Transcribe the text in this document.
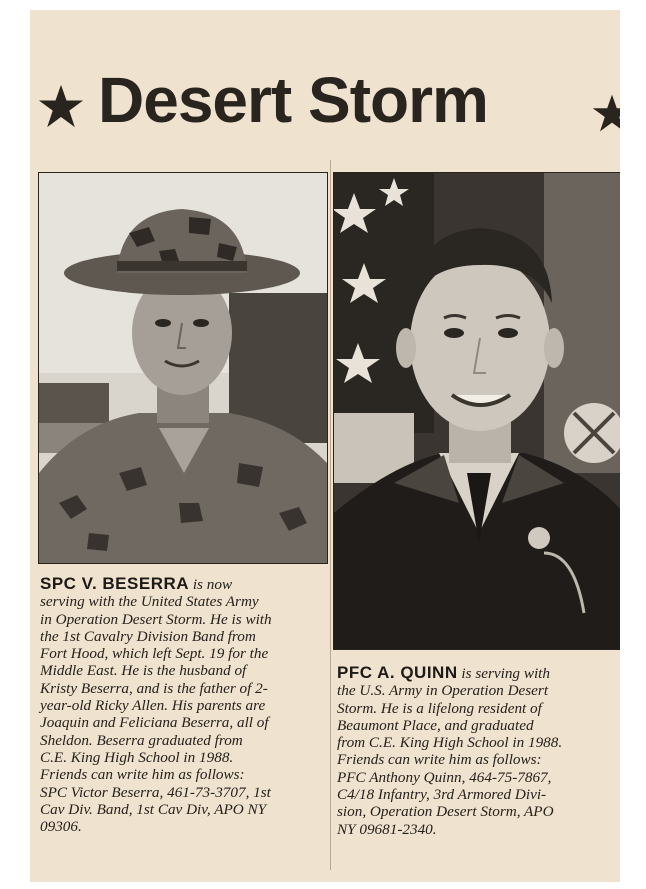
Desert Storm
SPC V. BESERRA is now
serving with the United States Army
in Operation Desert Storm. He is with
the 1st Cavalry Division Band from
Fort Hood, which left Sept. 19 for the
Middle East. He is the husband of
Kristy Beserra, and is the father of 2-
year-old Ricky Allen. His parents are
Joaquin and Feliciana Beserra, all of
Sheldon. Beserra graduated from
C.E. King High School in 1988.
Friends can write him as follows:
SPC Victor Beserra, 461-73-3707, 1st
Cav Div. Band, 1st Cav Div, APO NY
09306.
PFC A. QUINN is serving with
the U.S. Army in Operation Desert
Storm. He is a lifelong resident of
Beaumont Place, and graduated
from C.E. King High School in 1988.
Friends can write him as follows:
PFC Anthony Quinn, 464-75-7867,
C4/18 Infantry, 3rd Armored Divi-
sion, Operation Desert Storm, APO
NY 09681-2340.
